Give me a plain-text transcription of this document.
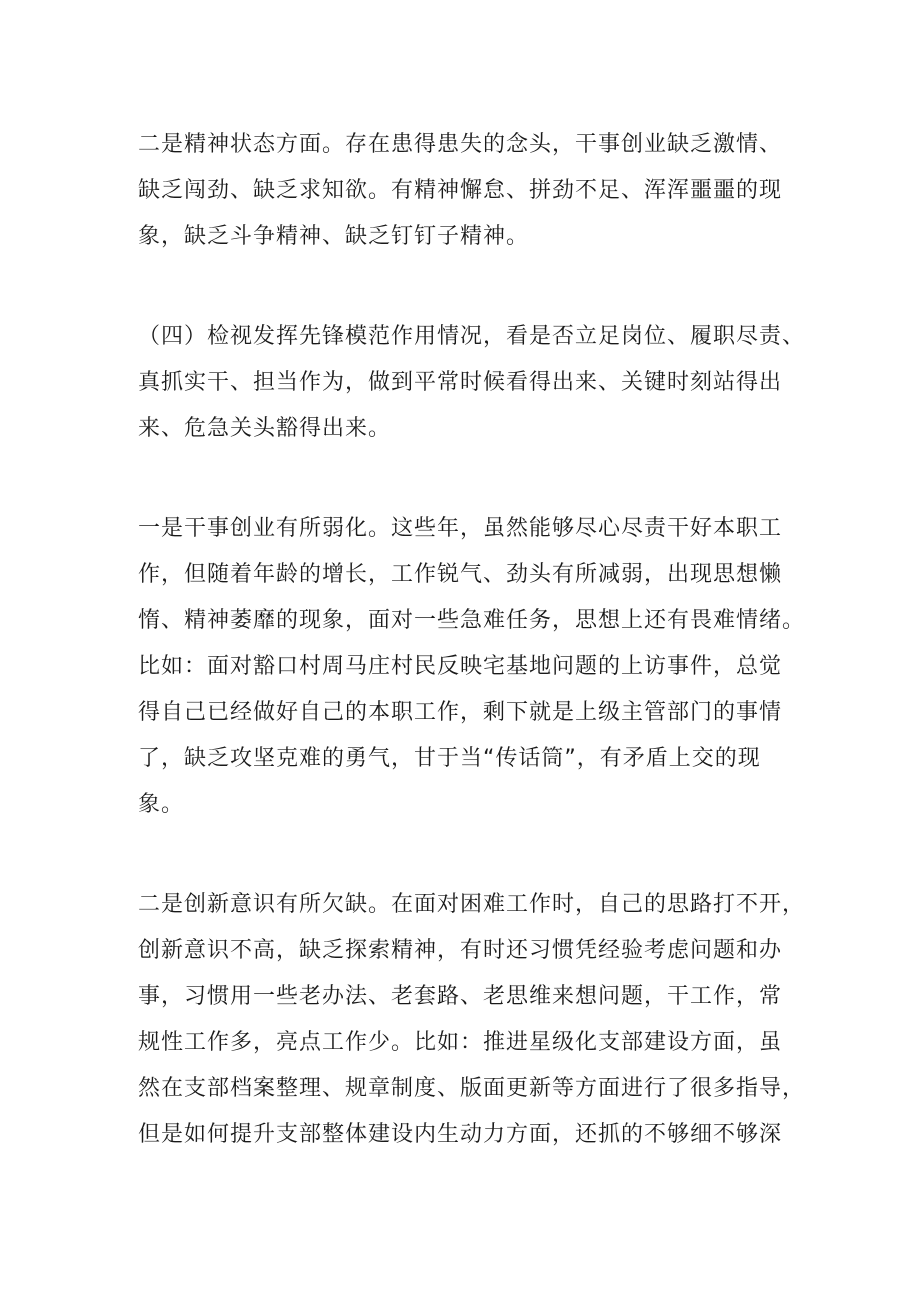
二是精神状态方面。存在患得患失的念头，干事创业缺乏激情、
缺乏闯劲、缺乏求知欲。有精神懈怠、拼劲不足、浑浑噩噩的现
象，缺乏斗争精神、缺乏钉钉子精神。

（四）检视发挥先锋模范作用情况，看是否立足岗位、履职尽责、
真抓实干、担当作为，做到平常时候看得出来、关键时刻站得出
来、危急关头豁得出来。

一是干事创业有所弱化。这些年，虽然能够尽心尽责干好本职工
作，但随着年龄的增长，工作锐气、劲头有所减弱，出现思想懒
惰、精神萎靡的现象，面对一些急难任务，思想上还有畏难情绪。
比如：面对豁口村周马庄村民反映宅基地问题的上访事件，总觉
得自己已经做好自己的本职工作，剩下就是上级主管部门的事情
了，缺乏攻坚克难的勇气，甘于当“传话筒”，有矛盾上交的现
象。

二是创新意识有所欠缺。在面对困难工作时，自己的思路打不开，
创新意识不高，缺乏探索精神，有时还习惯凭经验考虑问题和办
事，习惯用一些老办法、老套路、老思维来想问题，干工作，常
规性工作多，亮点工作少。比如：推进星级化支部建设方面，虽
然在支部档案整理、规章制度、版面更新等方面进行了很多指导，
但是如何提升支部整体建设内生动力方面，还抓的不够细不够深
